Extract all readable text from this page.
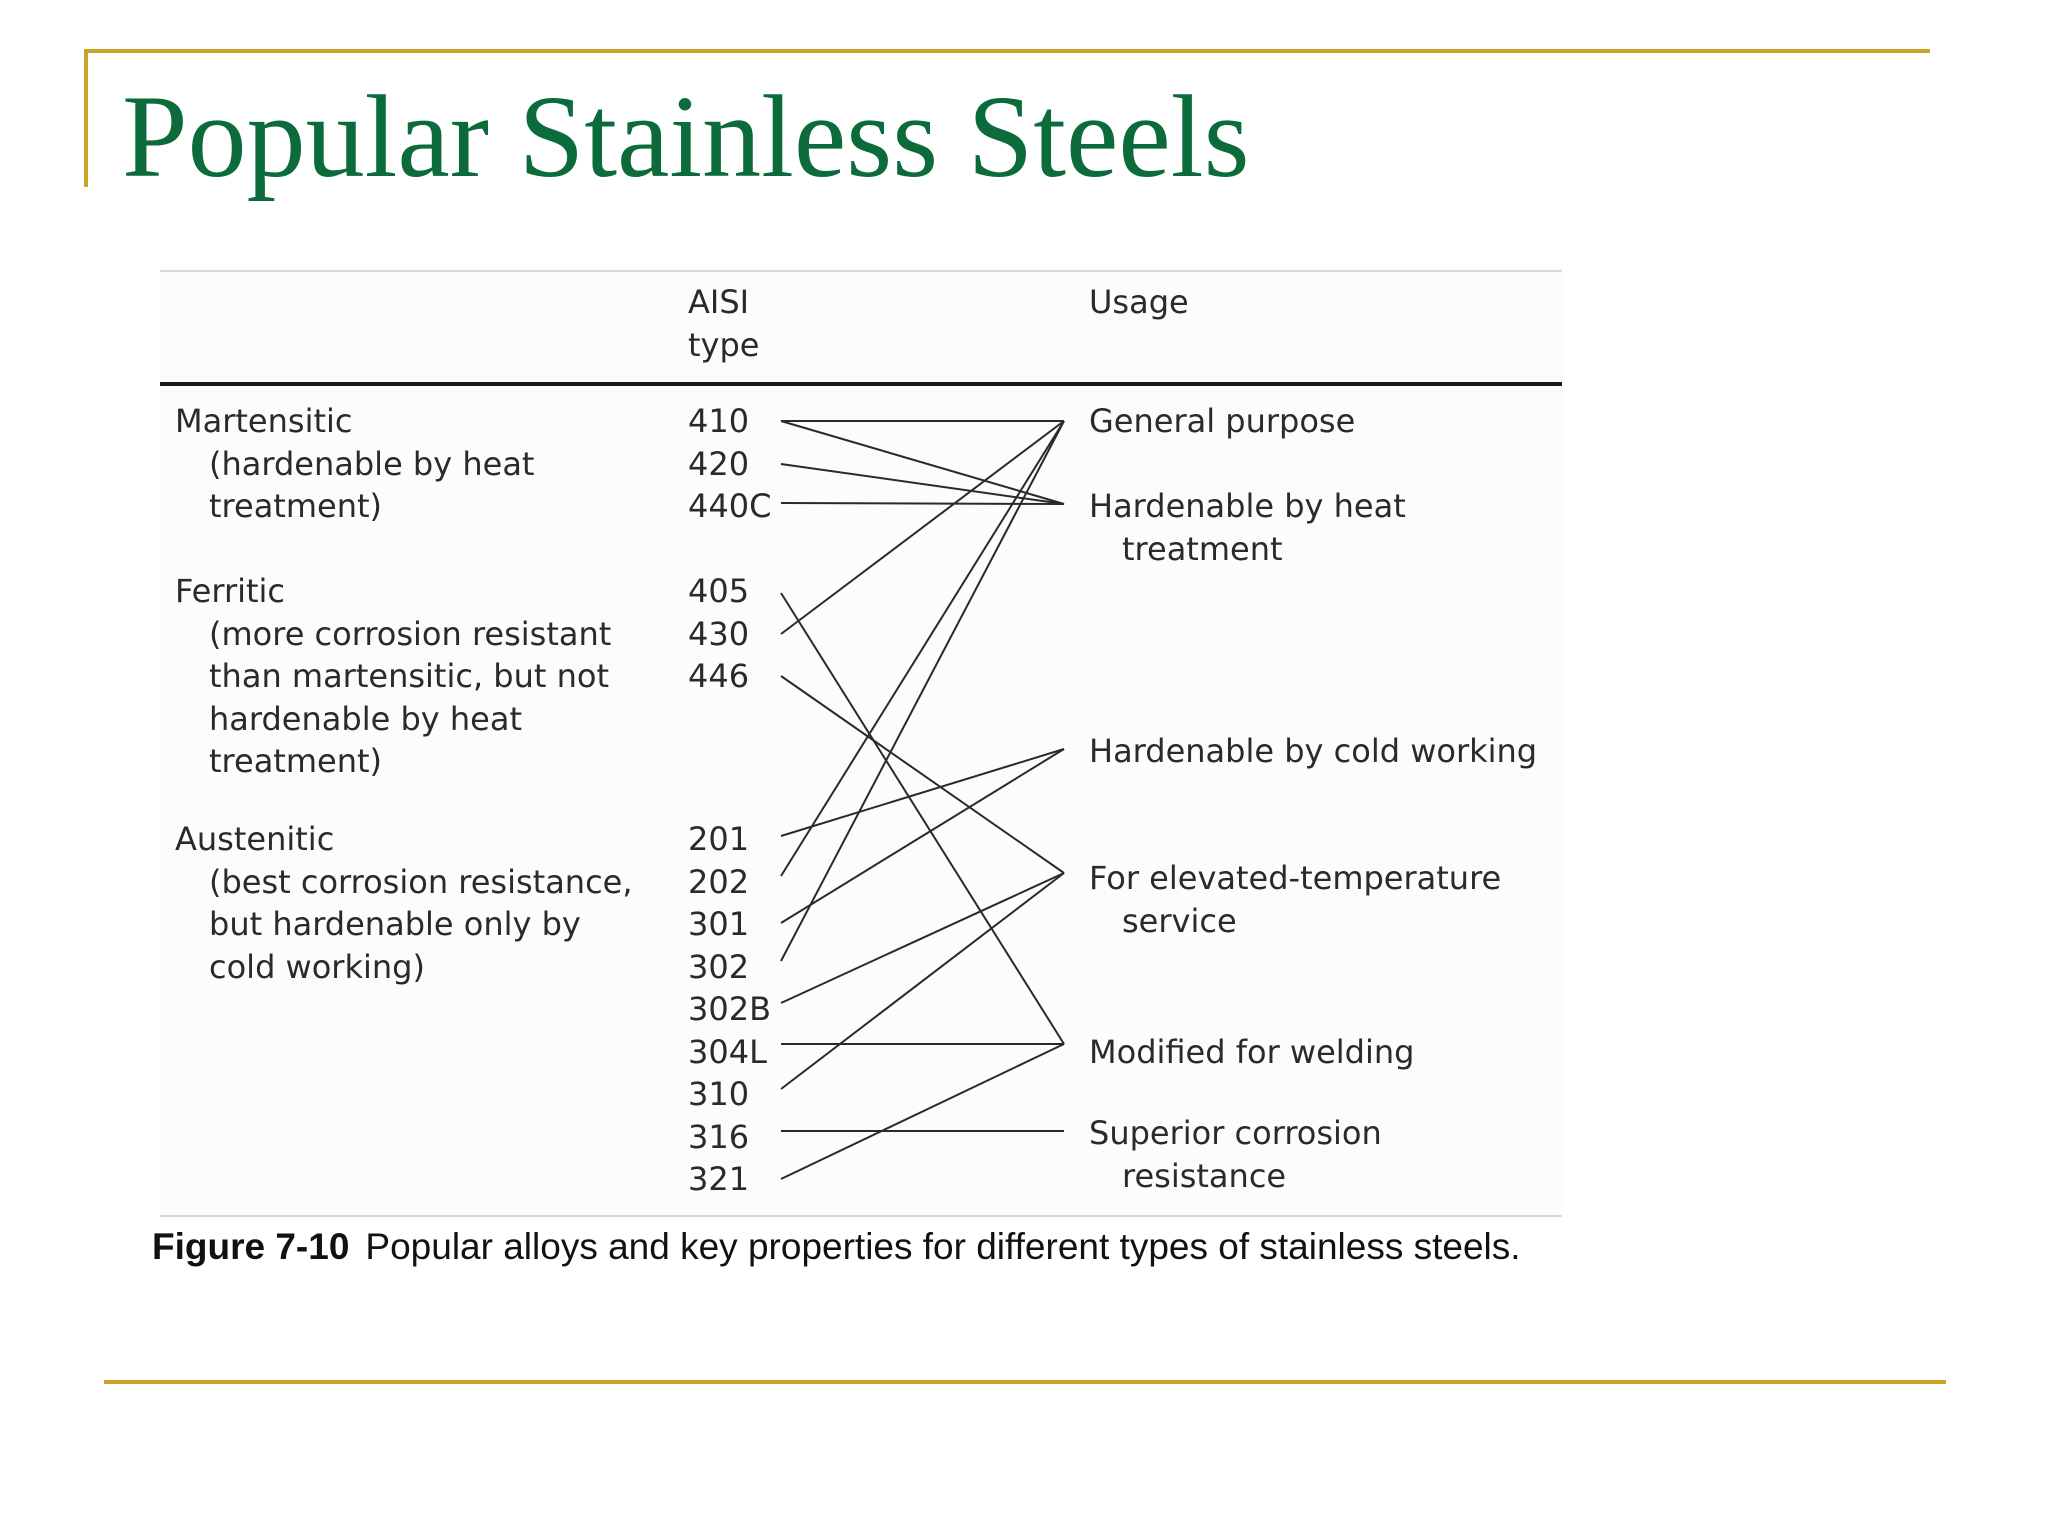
Popular Stainless Steels
AISI
type
Usage
Martensitic
(hardenable by heat
treatment)
Ferritic
(more corrosion resistant
than martensitic, but not
hardenable by heat
treatment)
Austenitic
(best corrosion resistance,
but hardenable only by
cold working)
410
420
440C
405
430
446
201
202
301
302
302B
304L
310
316
321
General purpose
Hardenable by heat
treatment
Hardenable by cold working
For elevated-temperature
service
Modified for welding
Superior corrosion
resistance
Figure 7-10 Popular alloys and key properties for different types of stainless steels.
